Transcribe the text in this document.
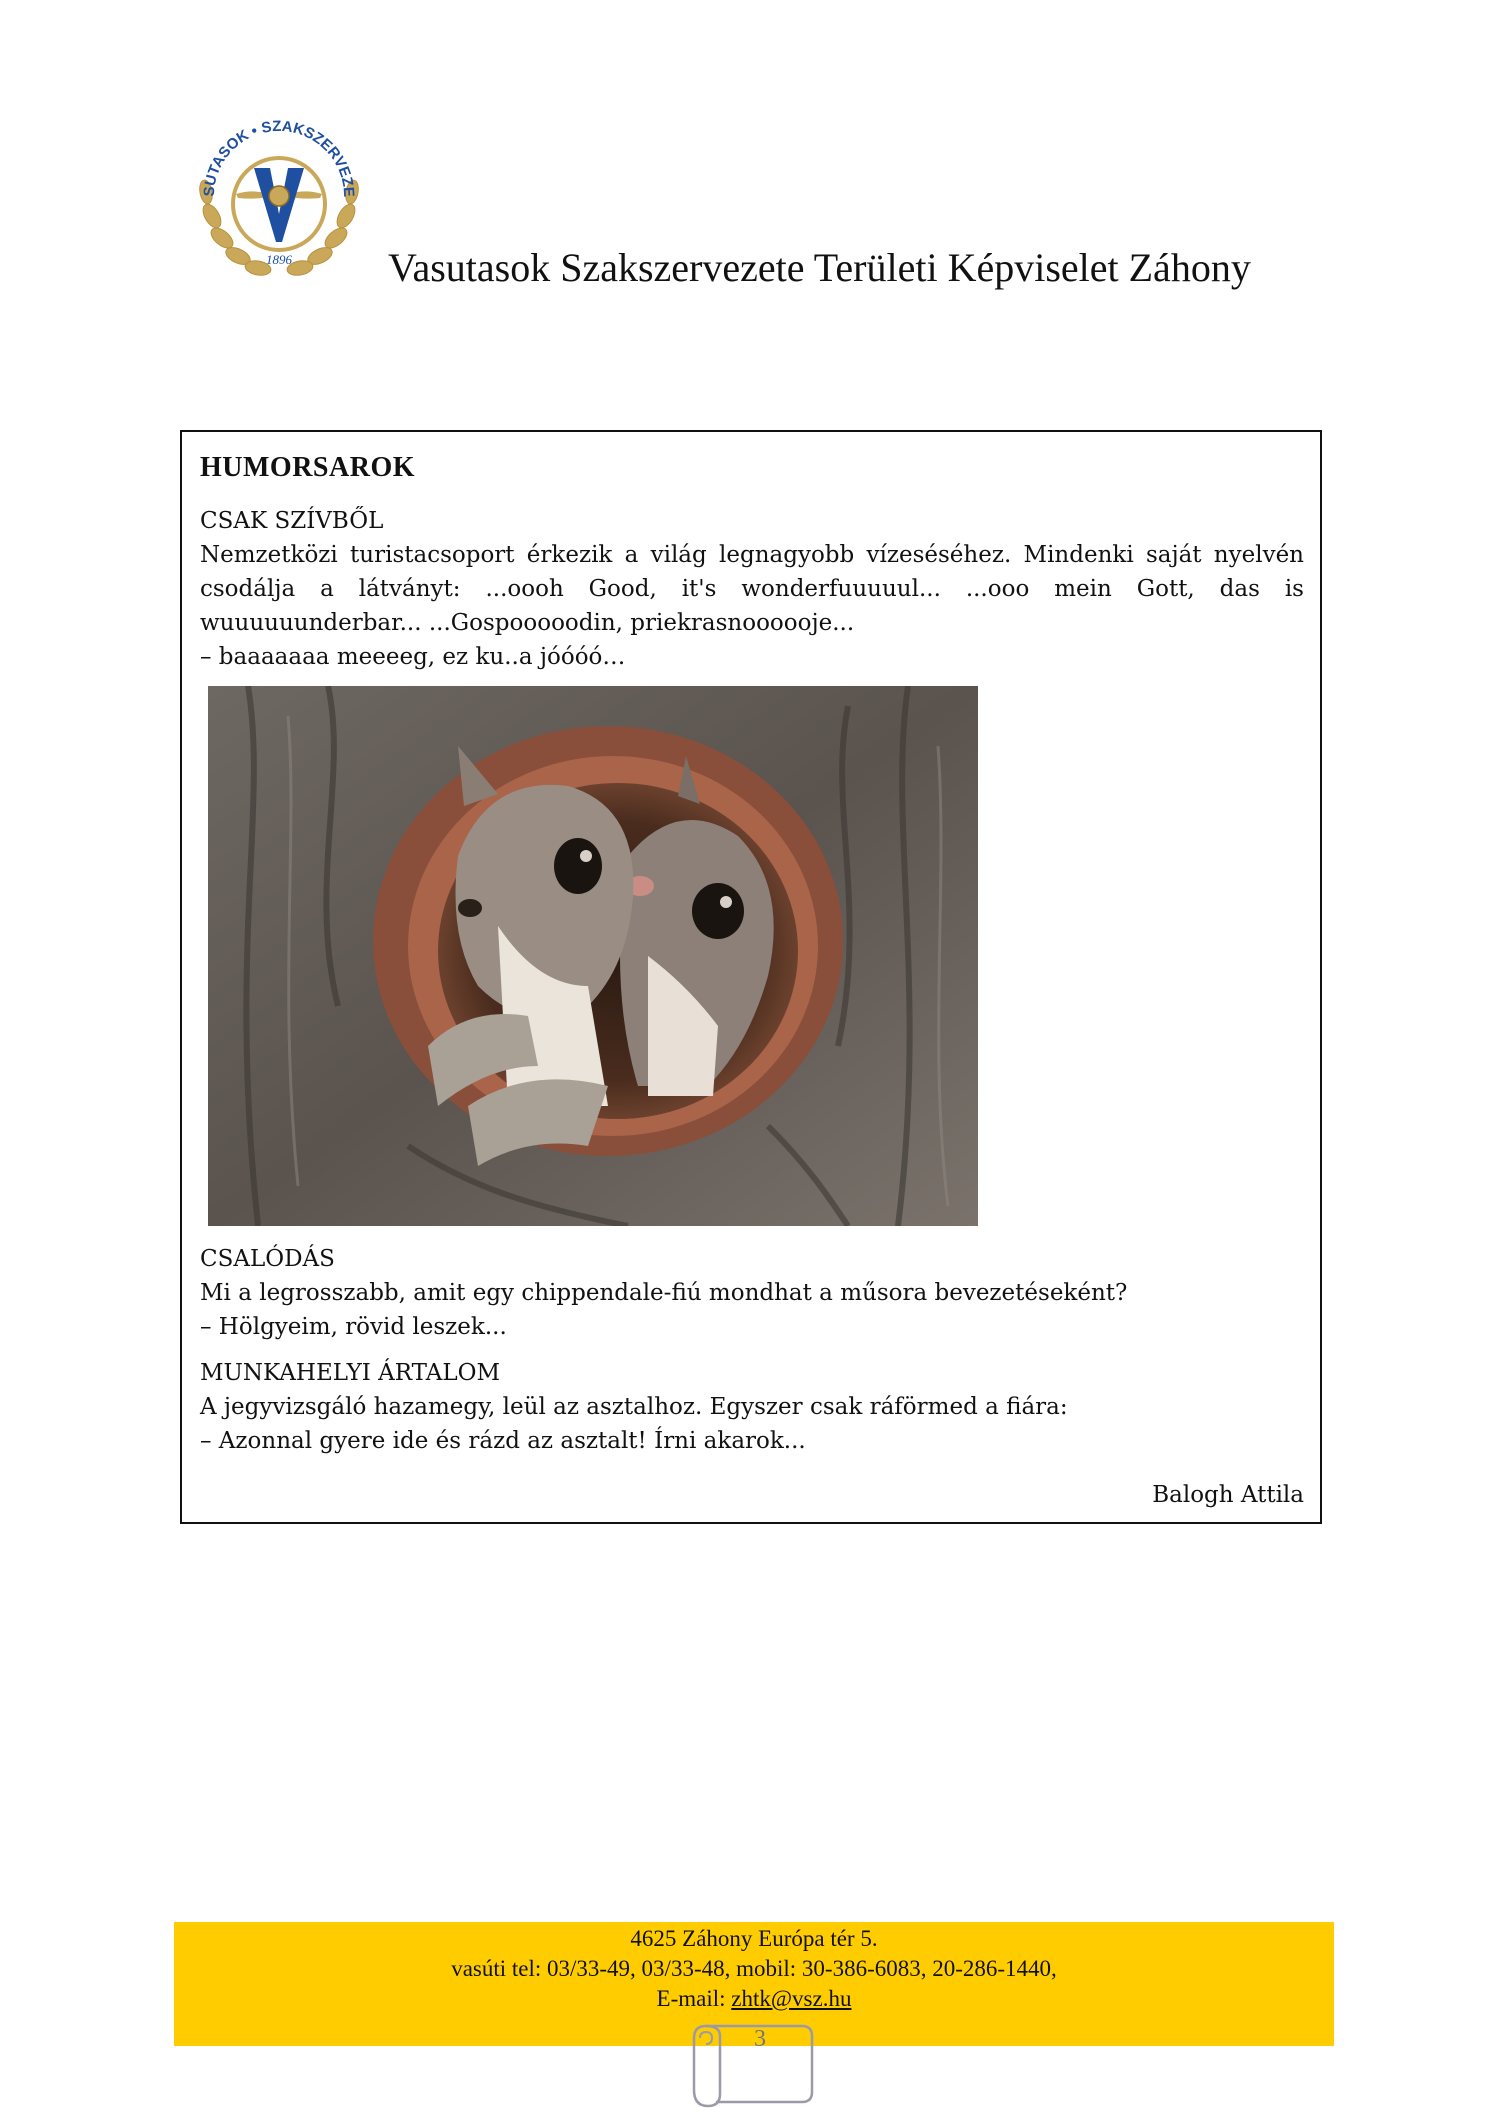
SUTASOK • SZAKSZERVEZE
1896 Vasutasok Szakszervezete Területi Képviselet Záhony
HUMORSAROK

CSAK SZÍVBŐL

Nemzetközi turistacsoport érkezik a világ legnagyobb vízeséséhez. Mindenki saját nyelvén csodálja a látványt: ...oooh Good, it's wonderfuuuuul... ...ooo mein Gott, das is wuuuuuunderbar... ...Gospooooodin, priekrasnoooooje...

– baaaaaaa meeeeg, ez ku..a jóóóó…

CSALÓDÁS

Mi a legrosszabb, amit egy chippendale-fiú mondhat a műsora bevezetéseként?

– Hölgyeim, rövid leszek...

MUNKAHELYI ÁRTALOM

A jegyvizsgáló hazamegy, leül az asztalhoz. Egyszer csak ráförmed a fiára:

– Azonnal gyere ide és rázd az asztalt! Írni akarok...

Balogh Attila
4625 Záhony Európa tér 5.
vasúti tel: 03/33-49, 03/33-48, mobil: 30-386-6083, 20-286-1440,
E-mail: zhtk@vsz.hu
3
